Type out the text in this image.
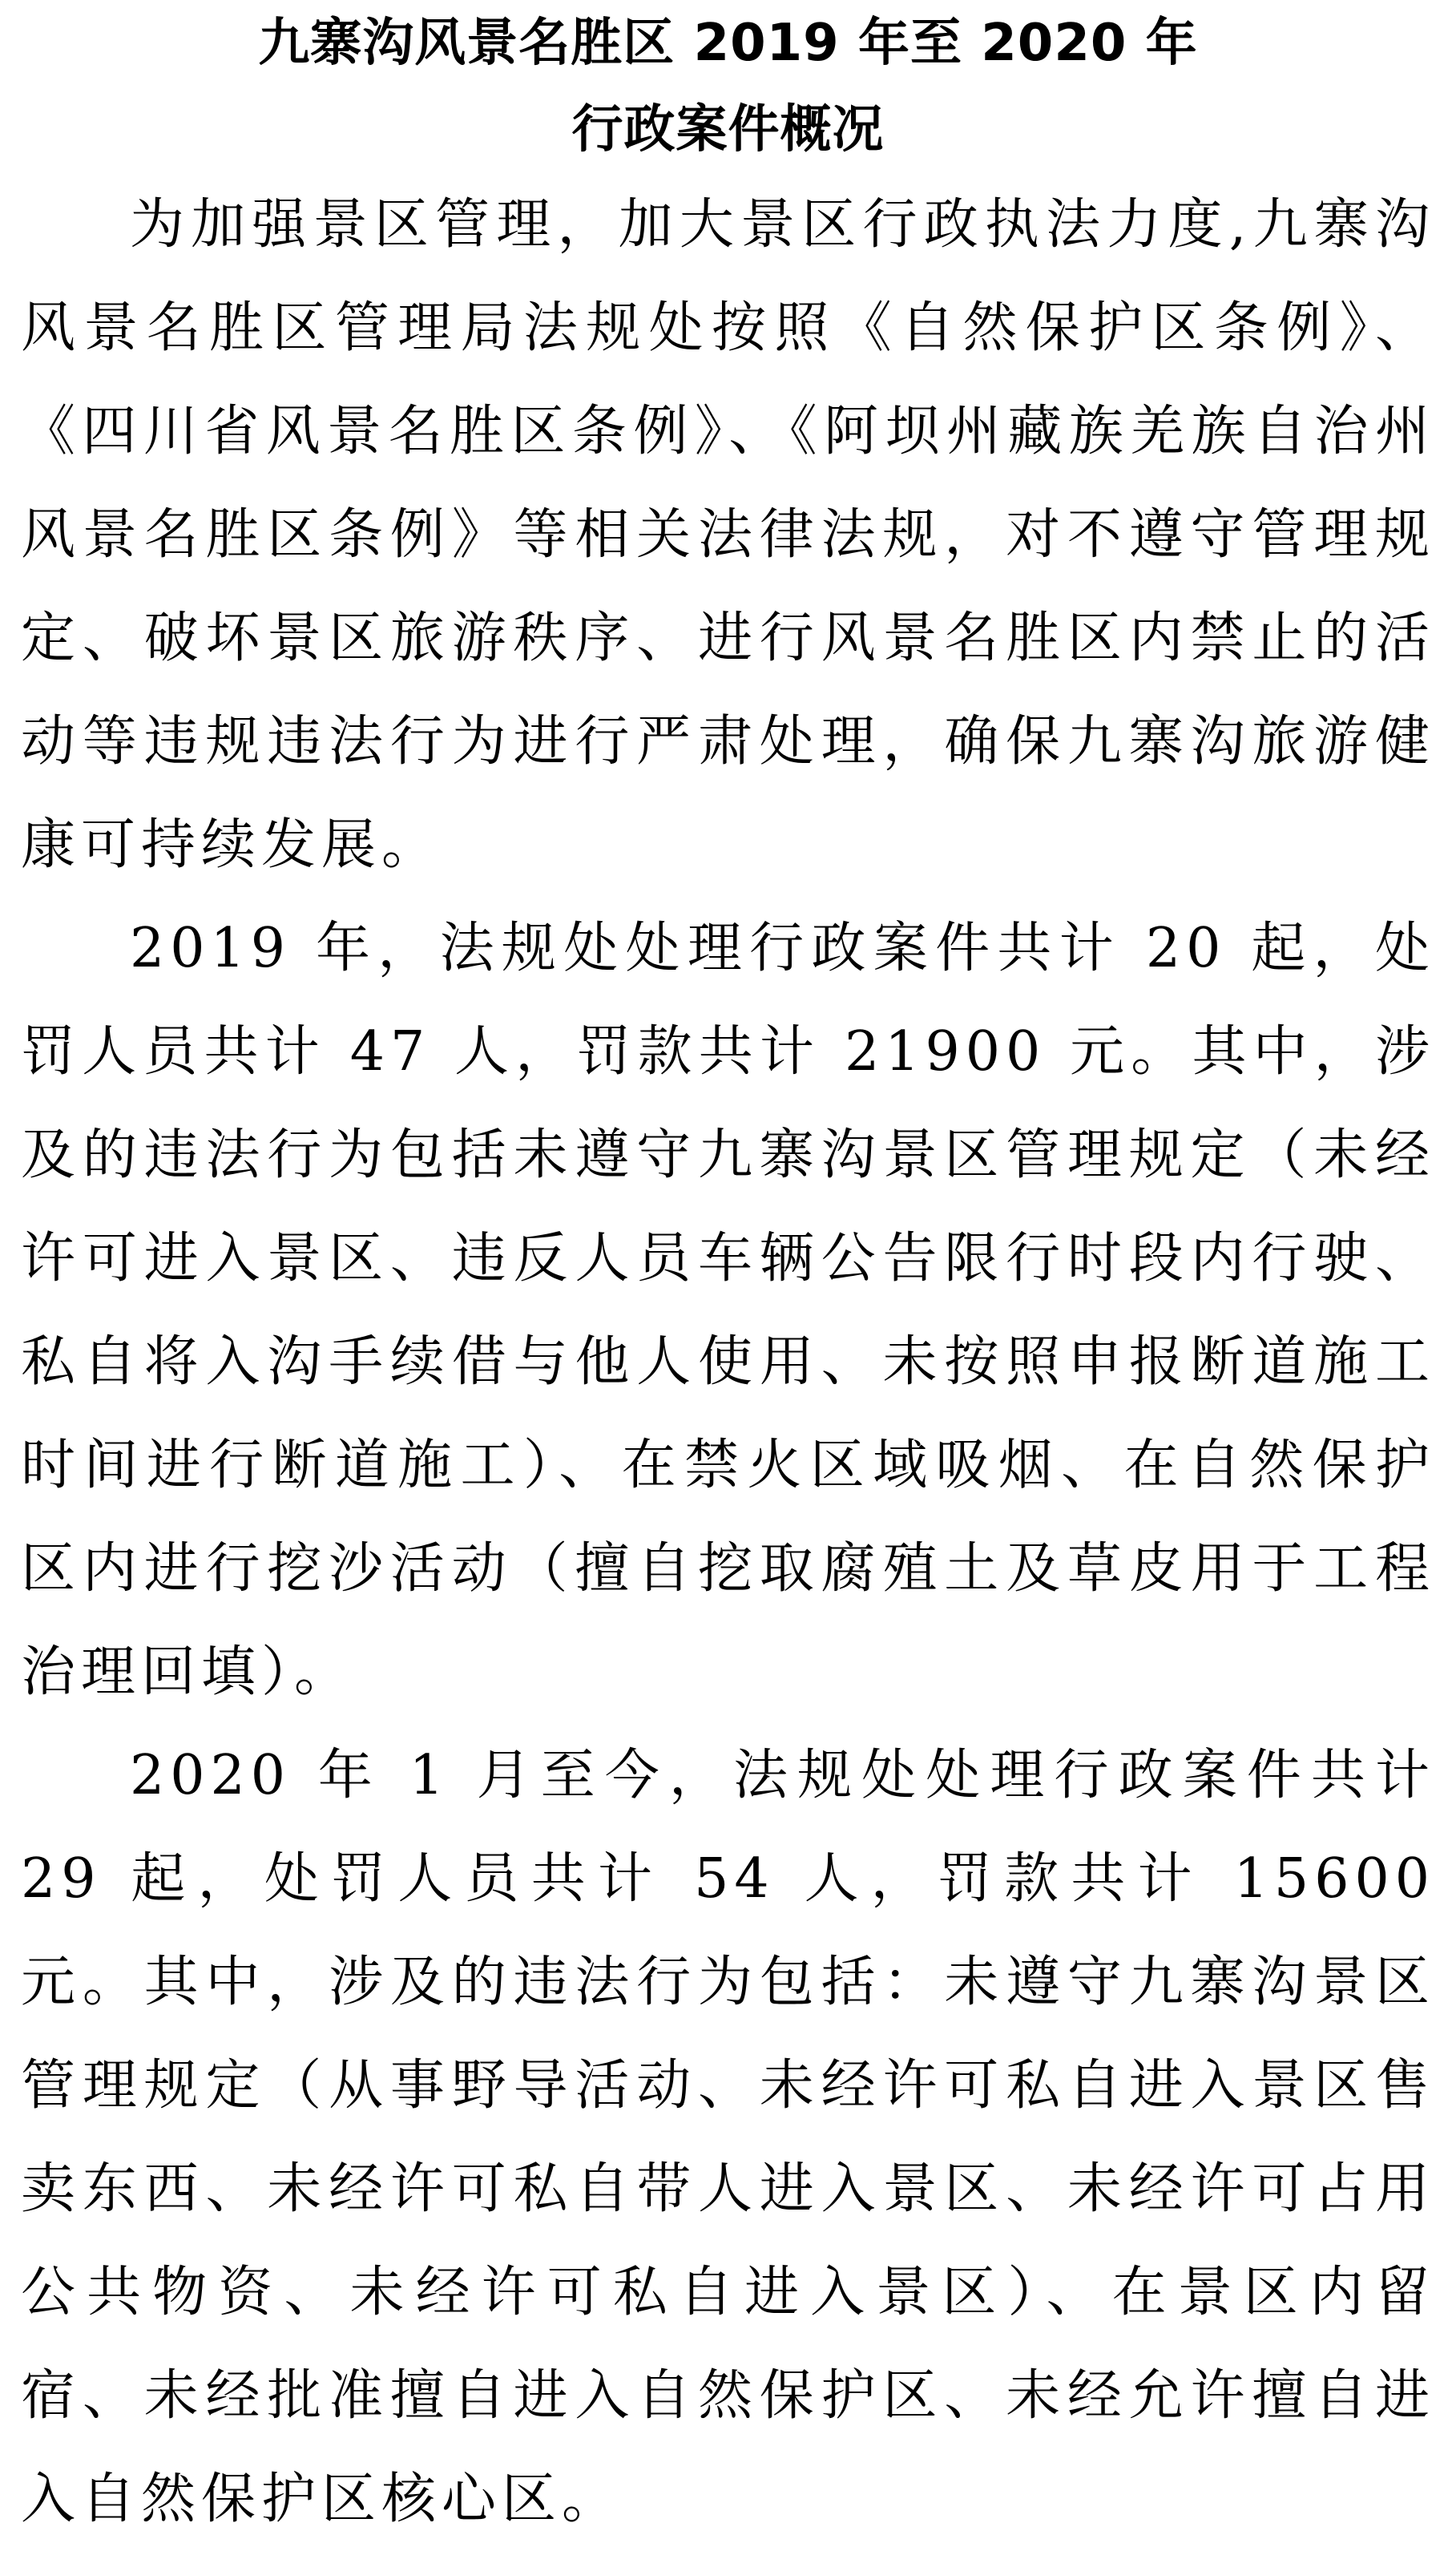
九寨沟风景名胜区 2019 年至 2020 年
行政案件概况

为加强景区管理，加大景区行政执法力度,九寨沟风景名胜区管理局法规处按照《自然保护区条例》、《四川省风景名胜区条例》、《阿坝州藏族羌族自治州风景名胜区条例》等相关法律法规，对不遵守管理规定、破坏景区旅游秩序、进行风景名胜区内禁止的活动等违规违法行为进行严肃处理，确保九寨沟旅游健康可持续发展。

2019 年，法规处处理行政案件共计 20 起，处罚人员共计 47 人，罚款共计 21900 元。其中，涉及的违法行为包括未遵守九寨沟景区管理规定（未经许可进入景区、违反人员车辆公告限行时段内行驶、私自将入沟手续借与他人使用、未按照申报断道施工时间进行断道施工）、在禁火区域吸烟、在自然保护区内进行挖沙活动（擅自挖取腐殖土及草皮用于工程治理回填）。

2020 年 1 月至今，法规处处理行政案件共计 29 起，处罚人员共计 54 人，罚款共计 15600 元。其中，涉及的违法行为包括：未遵守九寨沟景区管理规定（从事野导活动、未经许可私自进入景区售卖东西、未经许可私自带人进入景区、未经许可占用公共物资、未经许可私自进入景区）、在景区内留宿、未经批准擅自进入自然保护区、未经允许擅自进入自然保护区核心区。
